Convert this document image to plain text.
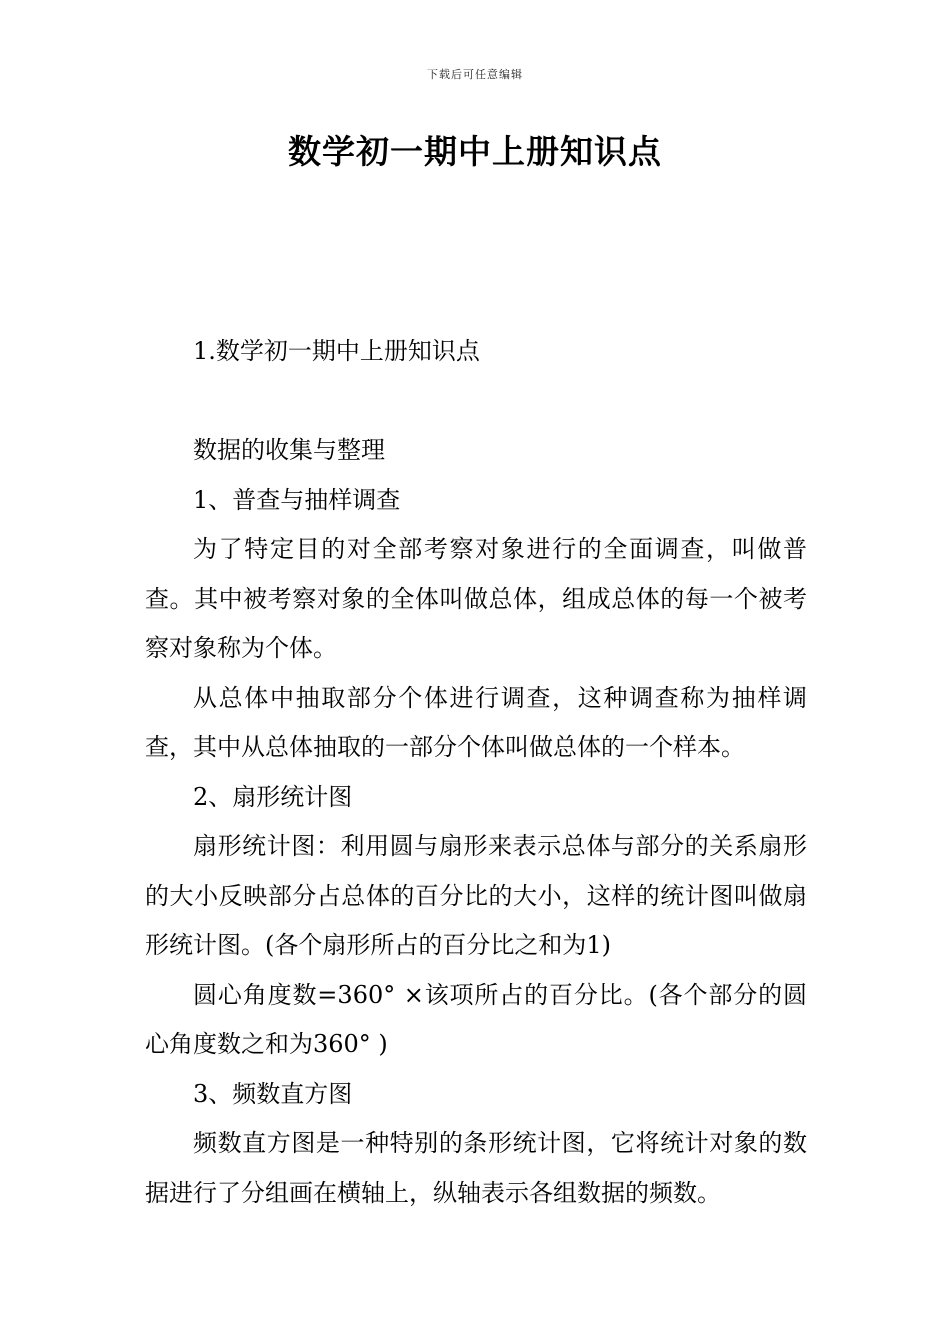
下载后可任意编辑
数学初一期中上册知识点

1.数学初一期中上册知识点

数据的收集与整理

1、普查与抽样调查

为了特定目的对全部考察对象进行的全面调查，叫做普查。其中被考察对象的全体叫做总体，组成总体的每一个被考察对象称为个体。

从总体中抽取部分个体进行调查，这种调查称为抽样调查，其中从总体抽取的一部分个体叫做总体的一个样本。

2、扇形统计图

扇形统计图：利用圆与扇形来表示总体与部分的关系扇形的大小反映部分占总体的百分比的大小，这样的统计图叫做扇形统计图。(各个扇形所占的百分比之和为1)

圆心角度数=360° ×该项所占的百分比。(各个部分的圆心角度数之和为360° )

3、频数直方图

频数直方图是一种特别的条形统计图，它将统计对象的数据进行了分组画在横轴上，纵轴表示各组数据的频数。
